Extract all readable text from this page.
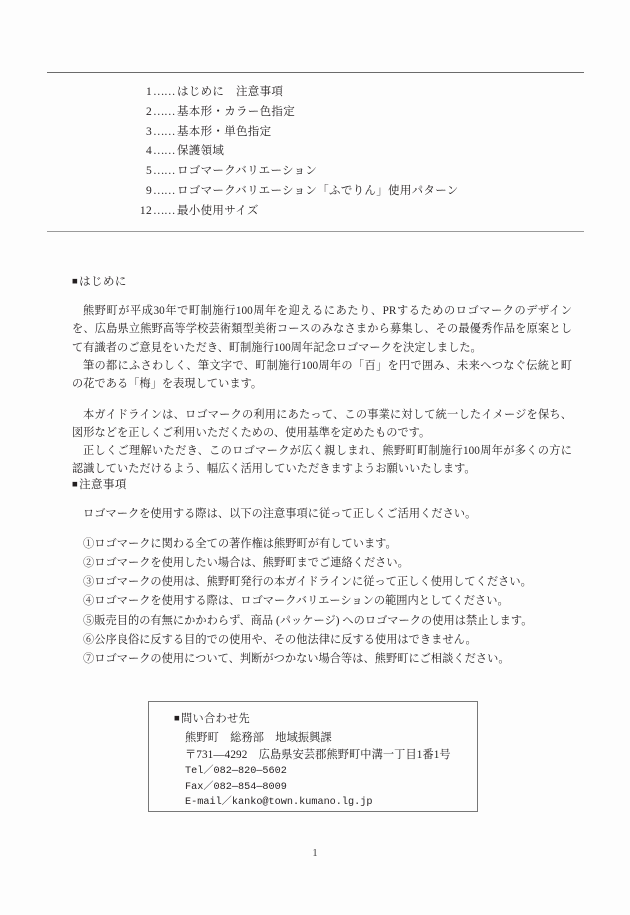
1 …… はじめに　注意事項
2 …… 基本形・カラー色指定
3 …… 基本形・単色指定
4 …… 保護領域
5 …… ロゴマークバリエーション
9 …… ロゴマークバリエーション「ふでりん」使用パターン
12 …… 最小使用サイズ
■はじめに

熊野町が平成30年で町制施行100周年を迎えるにあたり、PRするためのロゴマークのデザインを、広島県立熊野高等学校芸術類型美術コースのみなさまから募集し、その最優秀作品を原案として有識者のご意見をいただき、町制施行100周年記念ロゴマークを決定しました。

筆の都にふさわしく、筆文字で、町制施行100周年の「百」を円で囲み、未来へつなぐ伝統と町の花である「梅」を表現しています。

本ガイドラインは、ロゴマークの利用にあたって、この事業に対して統一したイメージを保ち、図形などを正しくご利用いただくための、使用基準を定めたものです。

正しくご理解いただき、このロゴマークが広く親しまれ、熊野町町制施行100周年が多くの方に認識していただけるよう、幅広く活用していただきますようお願いいたします。

■注意事項

ロゴマークを使用する際は、以下の注意事項に従って正しくご活用ください。

①ロゴマークに関わる全ての著作権は熊野町が有しています。
②ロゴマークを使用したい場合は、熊野町までご連絡ください。
③ロゴマークの使用は、熊野町発行の本ガイドラインに従って正しく使用してください。
④ロゴマークを使用する際は、ロゴマークバリエーションの範囲内としてください。
⑤販売目的の有無にかかわらず、商品 (パッケージ) へのロゴマークの使用は禁止します。
⑥公序良俗に反する目的での使用や、その他法律に反する使用はできません。
⑦ロゴマークの使用について、判断がつかない場合等は、熊野町にご相談ください。
■問い合わせ先
熊野町　総務部　地域振興課
〒731—4292　広島県安芸郡熊野町中溝一丁目1番1号
Tel／082—820—5602
Fax／082—854—8009
E-mail／kanko@town.kumano.lg.jp
1
